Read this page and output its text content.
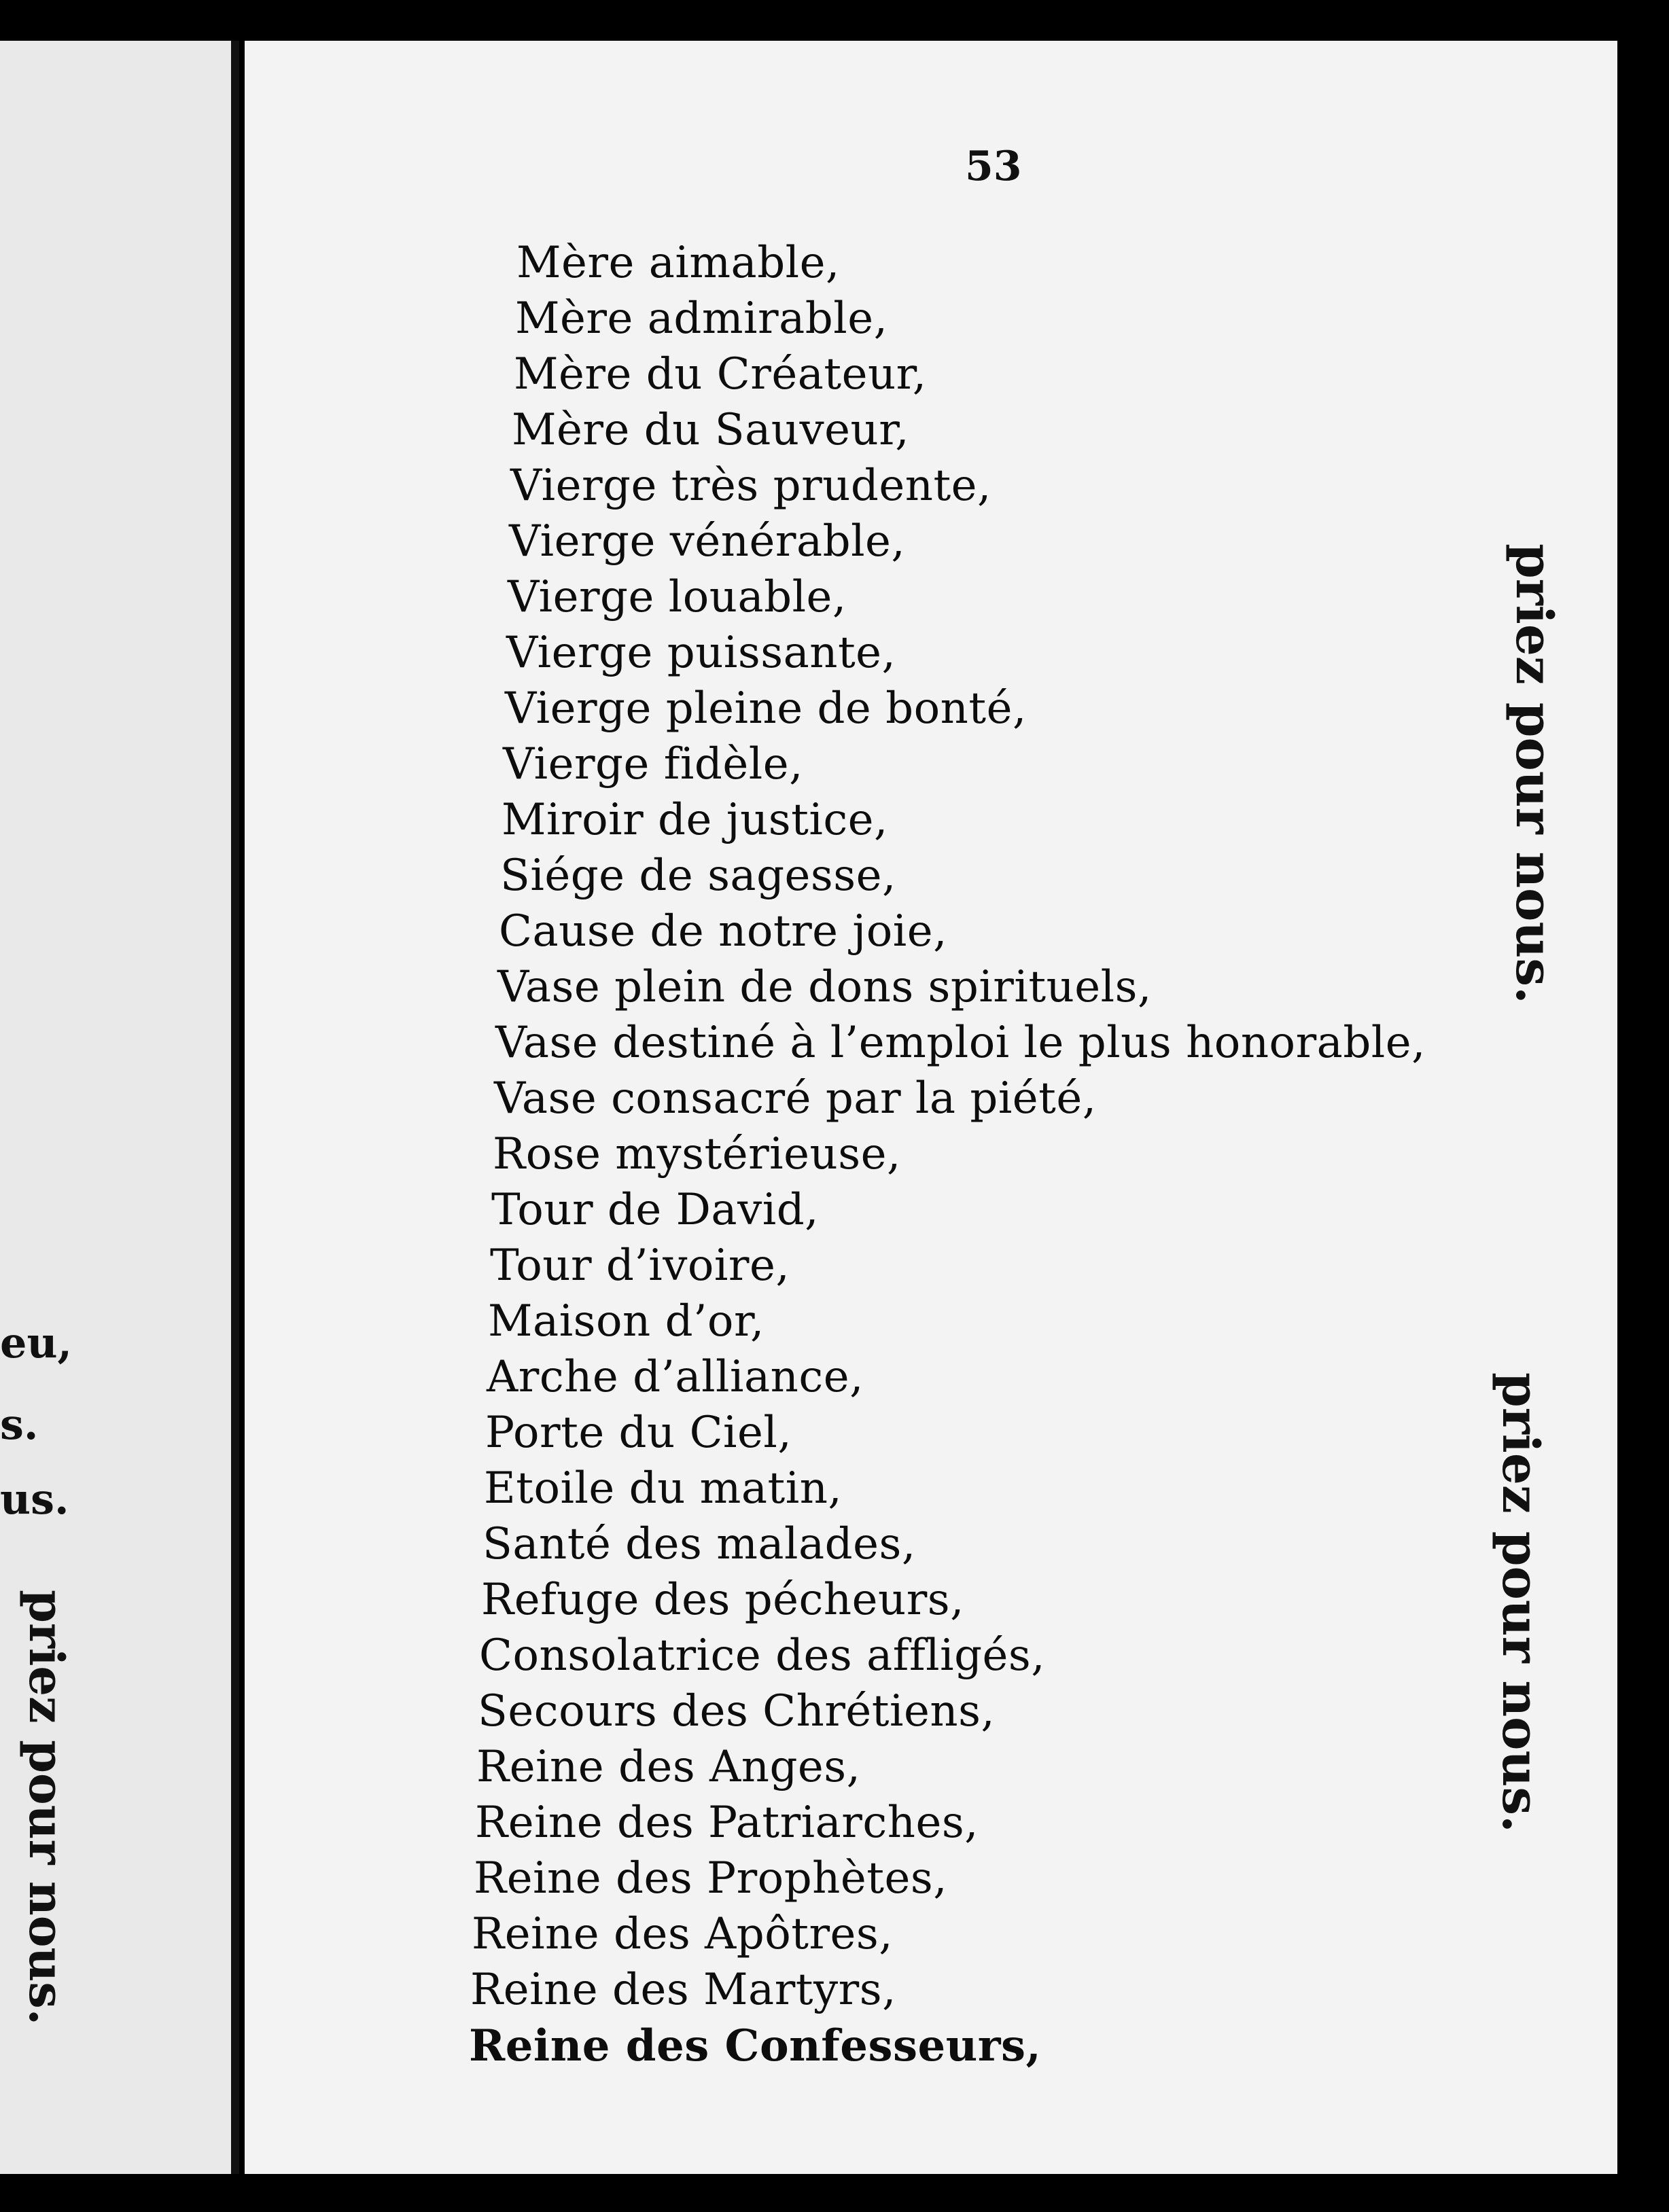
eu,
s.
us.
priez pour nous.
53
Mère aimable,
Mère admirable,
Mère du Créateur,
Mère du Sauveur,
Vierge très prudente,
Vierge vénérable,
Vierge louable,
Vierge puissante,
Vierge pleine de bonté,
Vierge fidèle,
Miroir de justice,
Siége de sagesse,
Cause de notre joie,
Vase plein de dons spirituels,
Vase destiné à l’emploi le plus honorable,
Vase consacré par la piété,
Rose mystérieuse,
Tour de David,
Tour d’ivoire,
Maison d’or,
Arche d’alliance,
Porte du Ciel,
Etoile du matin,
Santé des malades,
Refuge des pécheurs,
Consolatrice des affligés,
Secours des Chrétiens,
Reine des Anges,
Reine des Patriarches,
Reine des Prophètes,
Reine des Apôtres,
Reine des Martyrs,
Reine des Confesseurs,
priez pour nous.
priez pour nous.
